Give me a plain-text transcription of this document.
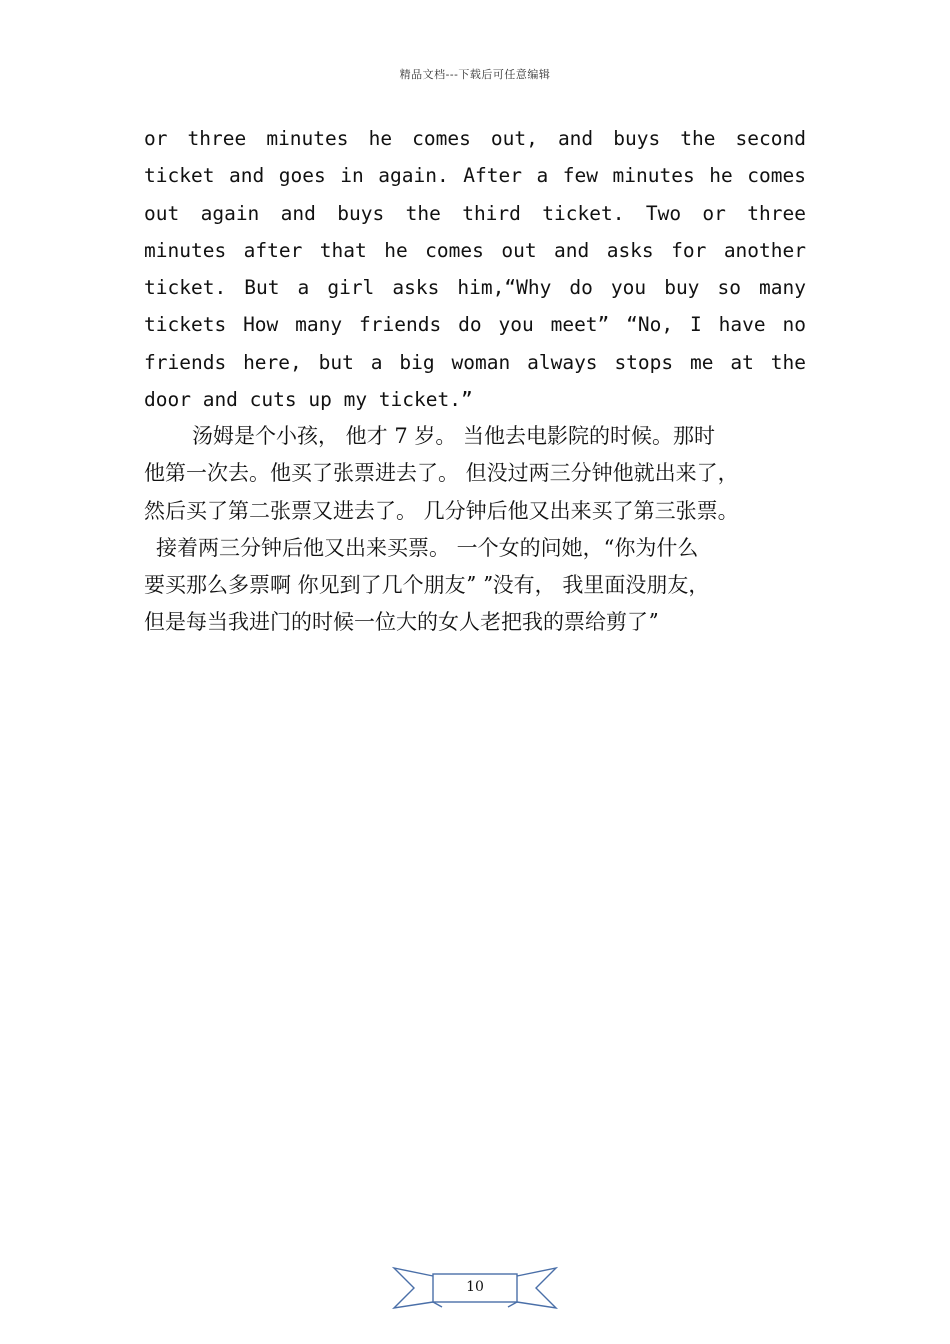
精品文档---下载后可任意编辑
or three minutes he comes out, and buys the second
ticket and goes in again. After a few minutes he comes
out again and buys the third ticket. Two or three
minutes after that he comes out and asks for another
ticket. But a girl asks him,“Why do you buy so many
tickets How many friends do you meet” “No, I have no
friends here, but a big woman always stops me at the
door and cuts up my ticket.”
汤姆是个小孩， 他才 7 岁。 当他去电影院的时候。那时
他第一次去。他买了张票进去了。 但没过两三分钟他就出来了，
然后买了第二张票又进去了。 几分钟后他又出来买了第三张票。
接着两三分钟后他又出来买票。 一个女的问她，“你为什么
要买那么多票啊 你见到了几个朋友ˮ ˮ没有， 我里面没朋友，
但是每当我进门的时候一位大的女人老把我的票给剪了ˮ
10
